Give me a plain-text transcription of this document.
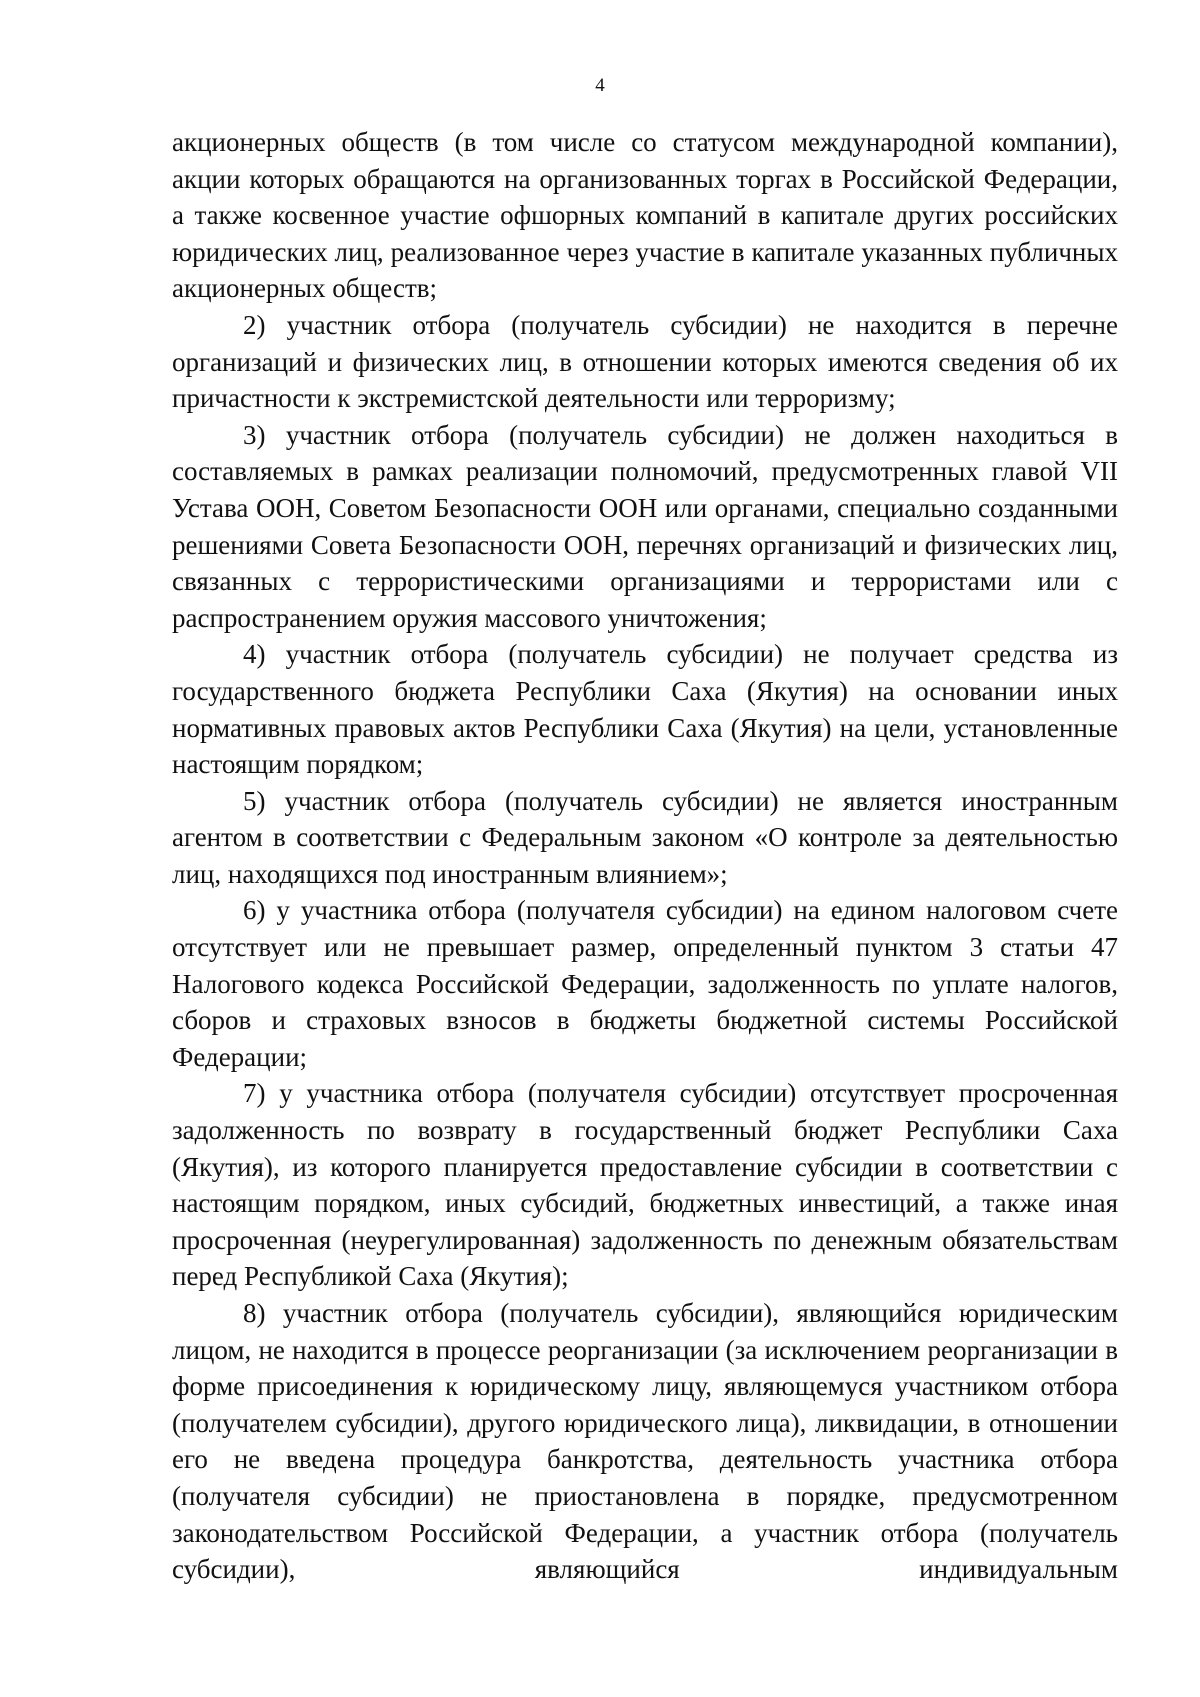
4

акционерных обществ (в том числе со статусом международной компании), акции которых обращаются на организованных торгах в Российской Федерации, а также косвенное участие офшорных компаний в капитале других российских юридических лиц, реализованное через участие в капитале указанных публичных акционерных обществ;

2) участник отбора (получатель субсидии) не находится в перечне организаций и физических лиц, в отношении которых имеются сведения об их причастности к экстремистской деятельности или терроризму;

3) участник отбора (получатель субсидии) не должен находиться в составляемых в рамках реализации полномочий, предусмотренных главой VII Устава ООН, Советом Безопасности ООН или органами, специально созданными решениями Совета Безопасности ООН, перечнях организаций и физических лиц, связанных с террористическими организациями и террористами или с распространением оружия массового уничтожения;

4) участник отбора (получатель субсидии) не получает средства из государственного бюджета Республики Саха (Якутия) на основании иных нормативных правовых актов Республики Саха (Якутия) на цели, установленные настоящим порядком;

5) участник отбора (получатель субсидии) не является иностранным агентом в соответствии с Федеральным законом «О контроле за деятельностью лиц, находящихся под иностранным влиянием»;

6) у участника отбора (получателя субсидии) на едином налоговом счете отсутствует или не превышает размер, определенный пунктом 3 статьи 47 Налогового кодекса Российской Федерации, задолженность по уплате налогов, сборов и страховых взносов в бюджеты бюджетной системы Российской Федерации;

7) у участника отбора (получателя субсидии) отсутствует просроченная задолженность по возврату в государственный бюджет Республики Саха (Якутия), из которого планируется предоставление субсидии в соответствии с настоящим порядком, иных субсидий, бюджетных инвестиций, а также иная просроченная (неурегулированная) задолженность по денежным обязательствам перед Республикой Саха (Якутия);

8) участник отбора (получатель субсидии), являющийся юридическим лицом, не находится в процессе реорганизации (за исключением реорганизации в форме присоединения к юридическому лицу, являющемуся участником отбора (получателем субсидии), другого юридического лица), ликвидации, в отношении его не введена процедура банкротства, деятельность участника отбора (получателя субсидии) не приостановлена в порядке, предусмотренном законодательством Российской Федерации, а участник отбора (получатель субсидии), являющийся индивидуальным
